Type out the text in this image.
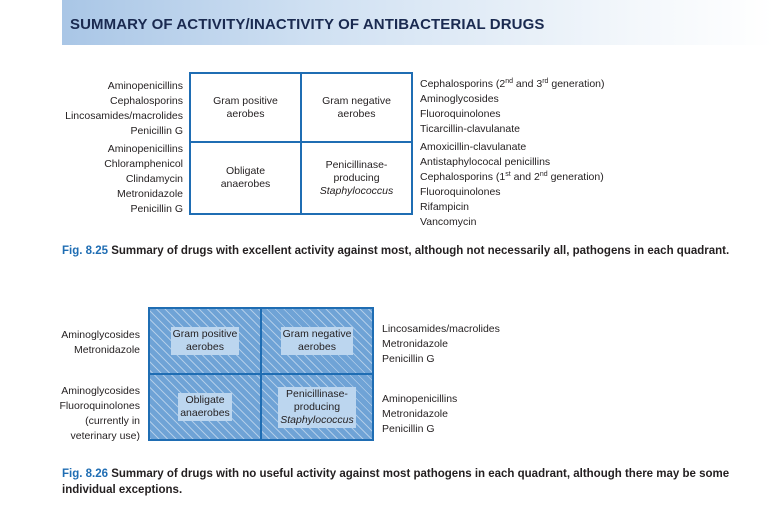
SUMMARY OF ACTIVITY/INACTIVITY OF ANTIBACTERIAL DRUGS
Aminopenicillins
Cephalosporins
Lincosamides/macrolides
Penicillin G
Aminopenicillins
Chloramphenicol
Clindamycin
Metronidazole
Penicillin G
Gram positive
aerobes
Gram negative
aerobes
Obligate
anaerobes
Penicillinase-
producing
Staphylococcus
Cephalosporins (2nd and 3rd generation)
Aminoglycosides
Fluoroquinolones
Ticarcillin-clavulanate
Amoxicillin-clavulanate
Antistaphylococal penicillins
Cephalosporins (1st and 2nd generation)
Fluoroquinolones
Rifampicin
Vancomycin
Fig. 8.25 Summary of drugs with excellent activity against most, although not necessarily all, pathogens in each quadrant.
Aminoglycosides
Metronidazole
Aminoglycosides
Fluoroquinolones
(currently in
veterinary use)
Gram positive
aerobes
Gram negative
aerobes
Obligate
anaerobes
Penicillinase-
producing
Staphylococcus
Lincosamides/macrolides
Metronidazole
Penicillin G
Aminopenicillins
Metronidazole
Penicillin G
Fig. 8.26 Summary of drugs with no useful activity against most pathogens in each quadrant, although there may be some individual exceptions.
